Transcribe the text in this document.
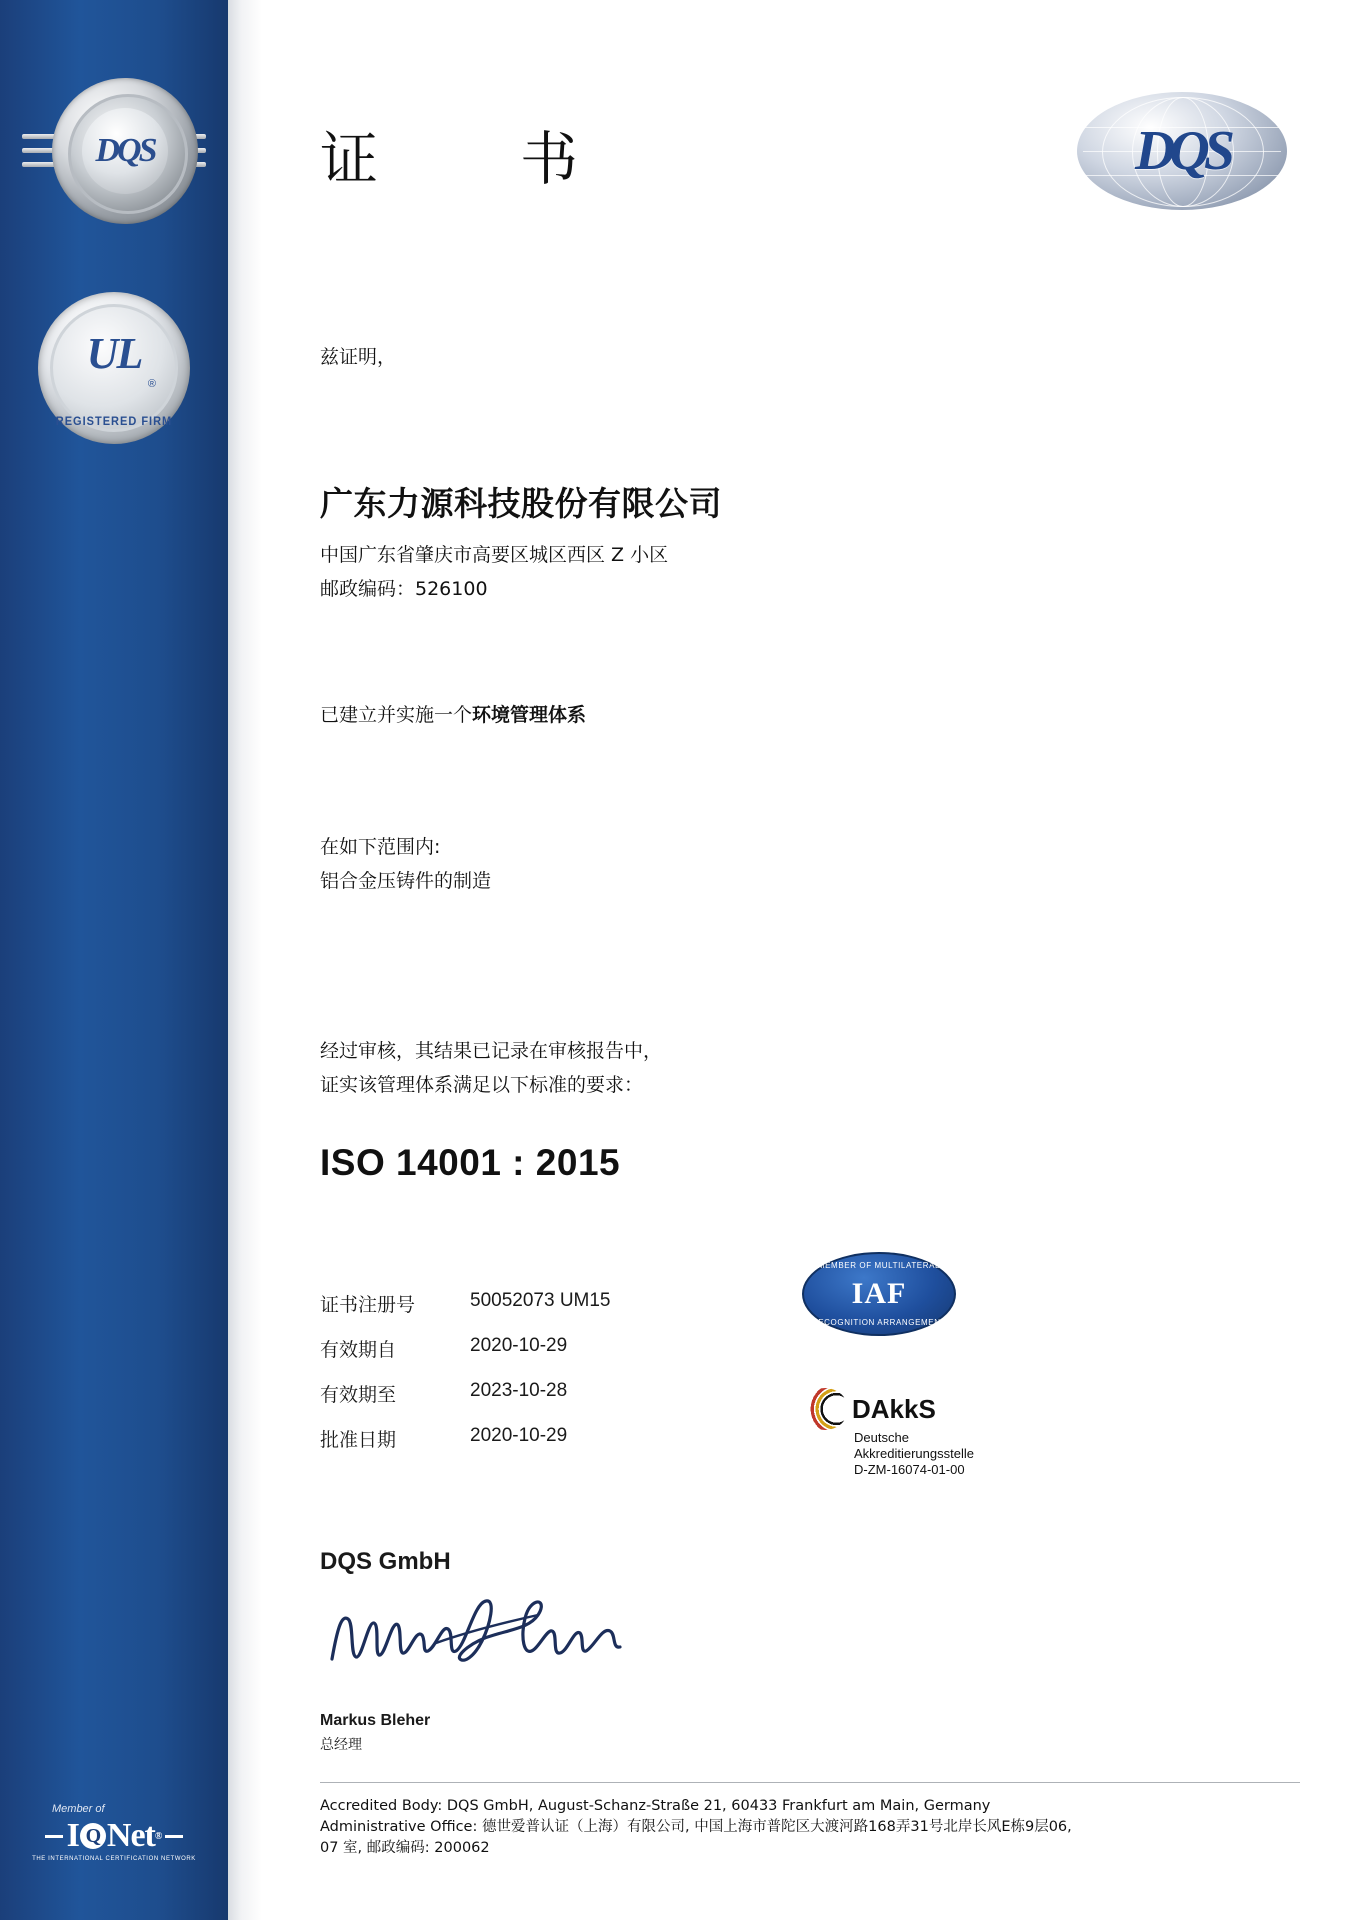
DQS
UL
®
REGISTERED FIRM
Member of
I Q Net ®
THE INTERNATIONAL CERTIFICATION NETWORK
证　书	DQS
兹证明，
广东力源科技股份有限公司
中国广东省肇庆市高要区城区西区 Z 小区
邮政编码：526100
已建立并实施一个环境管理体系
在如下范围内:
铝合金压铸件的制造
经过审核，其结果已记录在审核报告中，
证实该管理体系满足以下标准的要求：
ISO 14001 : 2015
证书注册号	50052073 UM15
有效期自	2020-10-29
有效期至	2023-10-28
批准日期	2020-10-29
MEMBER OF MULTILATERAL
IAF
RECOGNITION ARRANGEMENT
DAkkS
Deutsche
Akkreditierungsstelle
D-ZM-16074-01-00
DQS GmbH
Markus Bleher
总经理
Accredited Body: DQS GmbH, August-Schanz-Straße 21, 60433 Frankfurt am Main, Germany
Administrative Office: 德世爱普认证（上海）有限公司, 中国上海市普陀区大渡河路168弄31号北岸长风E栋9层06,
07 室, 邮政编码: 200062
